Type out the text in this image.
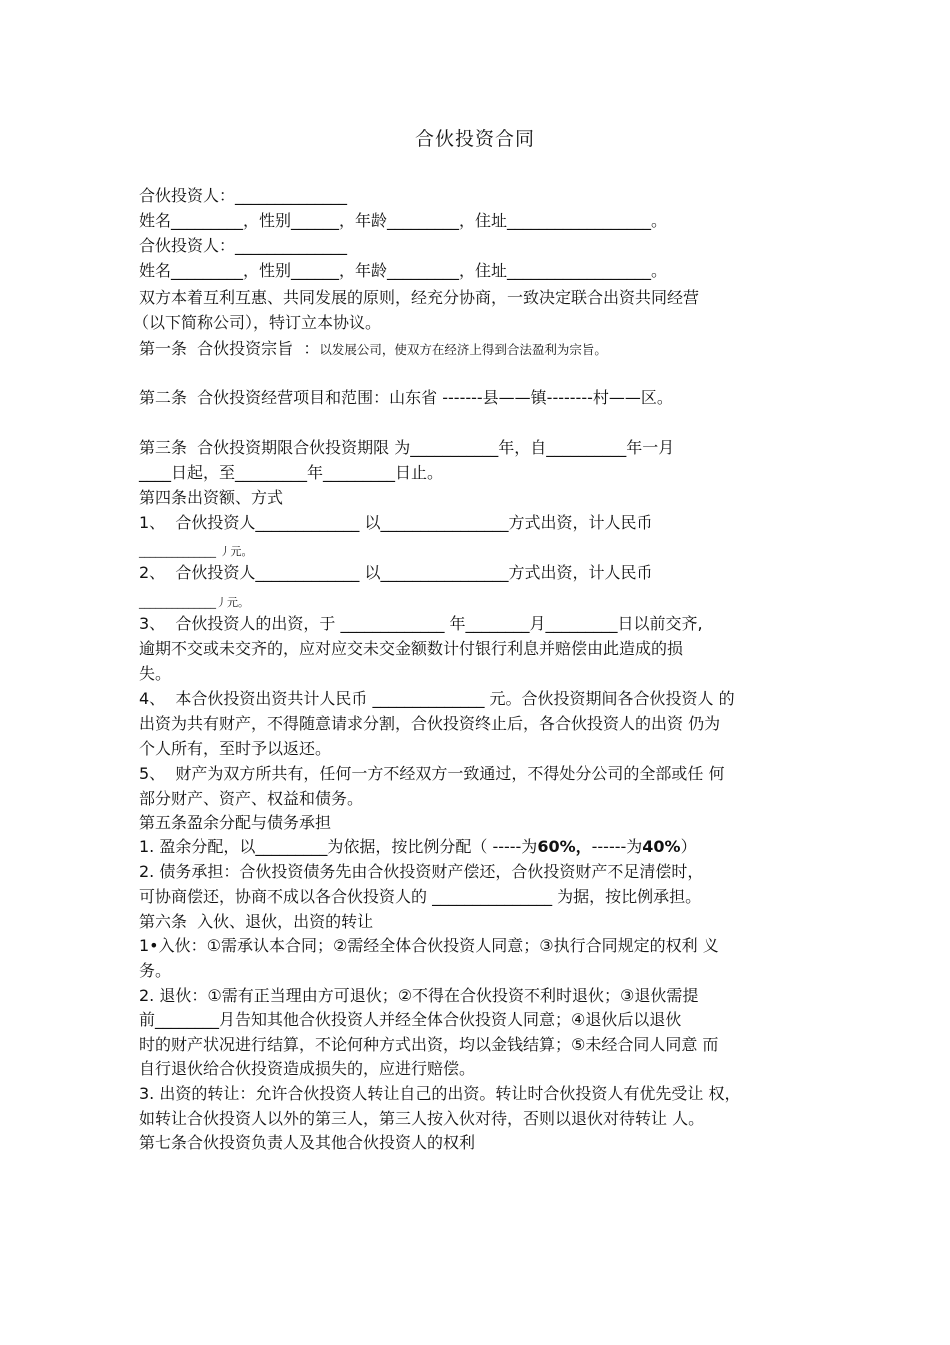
合伙投资合同
合伙投资人：______________
姓名_________，性别______，年龄_________，住址__________________。
合伙投资人：______________
姓名_________，性别______，年龄_________，住址__________________。
双方本着互利互惠、共同发展的原则，经充分协商，一致决定联合出资共同经营
（以下简称公司），特订立本协议。
第一条  合伙投资宗旨  ：以发展公司，使双方在经济上得到合法盈利为宗旨。
第二条  合伙投资经营项目和范围：山东省 -------县——镇--------村——区。
第三条  合伙投资期限合伙投资期限 为___________年，自__________年一月
____日起，至_________年_________日止。
第四条出资额、方式
1、  合伙投资人_____________ 以________________方式出资，计人民币
______________ 丿元。
2、  合伙投资人_____________ 以________________方式出资，计人民币
______________丿元。
3、  合伙投资人的出资，于 _____________ 年________月_________日以前交齐,
逾期不交或未交齐的，应对应交未交金额数计付银行利息并赔偿由此造成的损
失。
4、  本合伙投资出资共计人民币 ______________ 元。合伙投资期间各合伙投资人 的
出资为共有财产，不得随意请求分割，合伙投资终止后，各合伙投资人的出资 仍为
个人所有，至时予以返还。
5、  财产为双方所共有，任何一方不经双方一致通过，不得处分公司的全部或任 何
部分财产、资产、权益和债务。
第五条盈余分配与债务承担
1. 盈余分配，以_________为依据，按比例分配（ -----为60%，------为40%）
2. 债务承担：合伙投资债务先由合伙投资财产偿还，合伙投资财产不足清偿时，
可协商偿还，协商不成以各合伙投资人的 _______________ 为据，按比例承担。
第六条  入伙、退伙，出资的转让
1•入伙：①需承认本合同；②需经全体合伙投资人同意；③执行合同规定的权利 义
务。
2. 退伙：①需有正当理由方可退伙；②不得在合伙投资不利时退伙；③退伙需提
前________月告知其他合伙投资人并经全体合伙投资人同意；④退伙后以退伙
时的财产状况进行结算，不论何种方式出资，均以金钱结算；⑤未经合同人同意 而
自行退伙给合伙投资造成损失的，应进行赔偿。
3. 出资的转让：允许合伙投资人转让自己的出资。转让时合伙投资人有优先受让 权，
如转让合伙投资人以外的第三人，第三人按入伙对待，否则以退伙对待转让 人。
第七条合伙投资负责人及其他合伙投资人的权利
